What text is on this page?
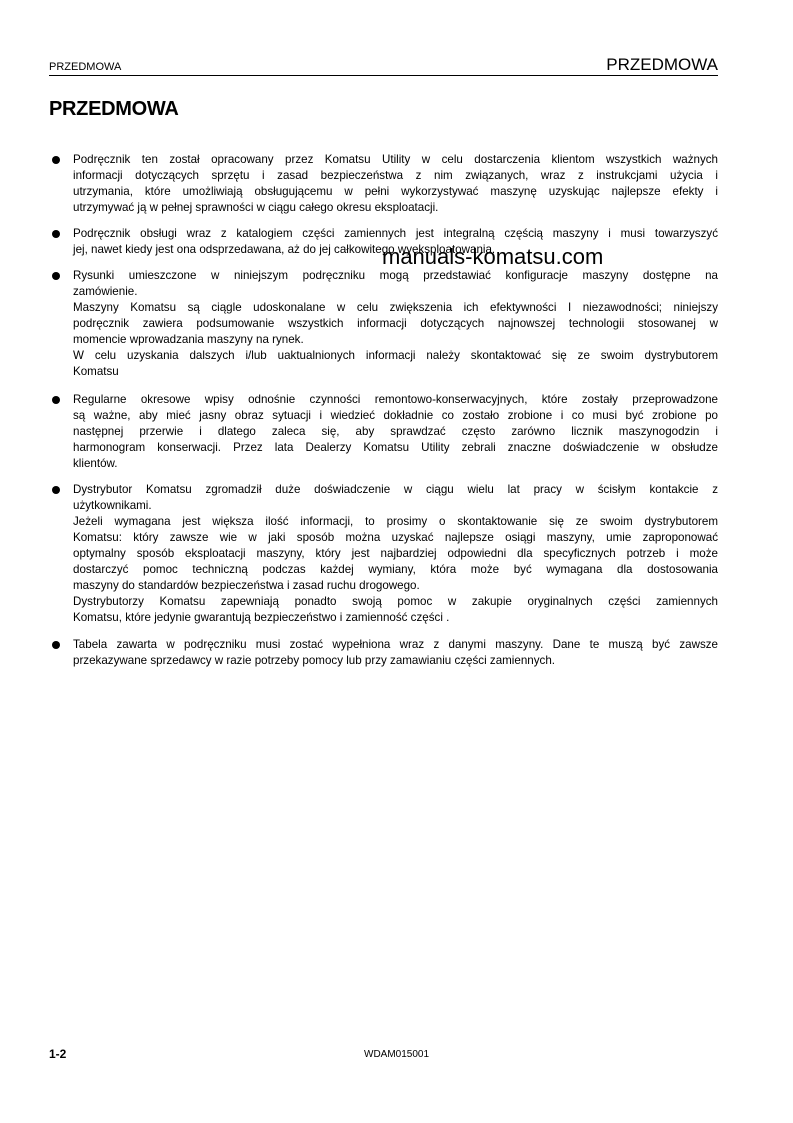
PRZEDMOWA	PRZEDMOWA
PRZEDMOWA
Podręcznik ten został opracowany przez Komatsu Utility w celu dostarczenia klientom wszystkich ważnych
informacji dotyczących sprzętu i zasad bezpieczeństwa z nim związanych, wraz z instrukcjami użycia i
utrzymania, które umożliwiają obsługującemu w pełni wykorzystywać maszynę uzyskując najlepsze efekty i
utrzymywać ją w pełnej sprawności w ciągu całego okresu eksploatacji.
Podręcznik obsługi wraz z katalogiem części zamiennych jest integralną częścią maszyny i musi towarzyszyć
jej, nawet kiedy jest ona odsprzedawana, aż do jej całkowitego wyeksploatowania.
Rysunki umieszczone w niniejszym podręczniku mogą przedstawiać konfiguracje maszyny dostępne na
zamówienie.
Maszyny Komatsu są ciągle udoskonalane w celu zwiększenia ich efektywności I niezawodności; niniejszy
podręcznik zawiera podsumowanie wszystkich informacji dotyczących najnowszej technologii stosowanej w
momencie wprowadzania maszyny na rynek.
W celu uzyskania dalszych i/lub uaktualnionych informacji należy skontaktować się ze swoim dystrybutorem
Komatsu
Regularne okresowe wpisy odnośnie czynności remontowo-konserwacyjnych, które zostały przeprowadzone
są ważne, aby mieć jasny obraz sytuacji i wiedzieć dokładnie co zostało zrobione i co musi być zrobione po
następnej przerwie i dlatego zaleca się, aby sprawdzać często zarówno licznik maszynogodzin i
harmonogram konserwacji. Przez lata Dealerzy Komatsu Utility zebrali znaczne doświadczenie w obsłudze
klientów.
Dystrybutor Komatsu zgromadził duże doświadczenie w ciągu wielu lat pracy w ścisłym kontakcie z
użytkownikami.
Jeżeli wymagana jest większa ilość informacji, to prosimy o skontaktowanie się ze swoim dystrybutorem
Komatsu: który zawsze wie w jaki sposób można uzyskać najlepsze osiągi maszyny, umie zaproponować
optymalny sposób eksploatacji maszyny, który jest najbardziej odpowiedni dla specyficznych potrzeb i może
dostarczyć pomoc techniczną podczas każdej wymiany, która może być wymagana dla dostosowania
maszyny do standardów bezpieczeństwa i zasad ruchu drogowego.
Dystrybutorzy Komatsu zapewniają ponadto swoją pomoc w zakupie oryginalnych części zamiennych
Komatsu, które jedynie gwarantują bezpieczeństwo i zamienność części .
Tabela zawarta w podręczniku musi zostać wypełniona wraz z danymi maszyny. Dane te muszą być zawsze
przekazywane sprzedawcy w razie potrzeby pomocy lub przy zamawianiu części zamiennych.
manuals-komatsu.com
1-2	WDAM015001
